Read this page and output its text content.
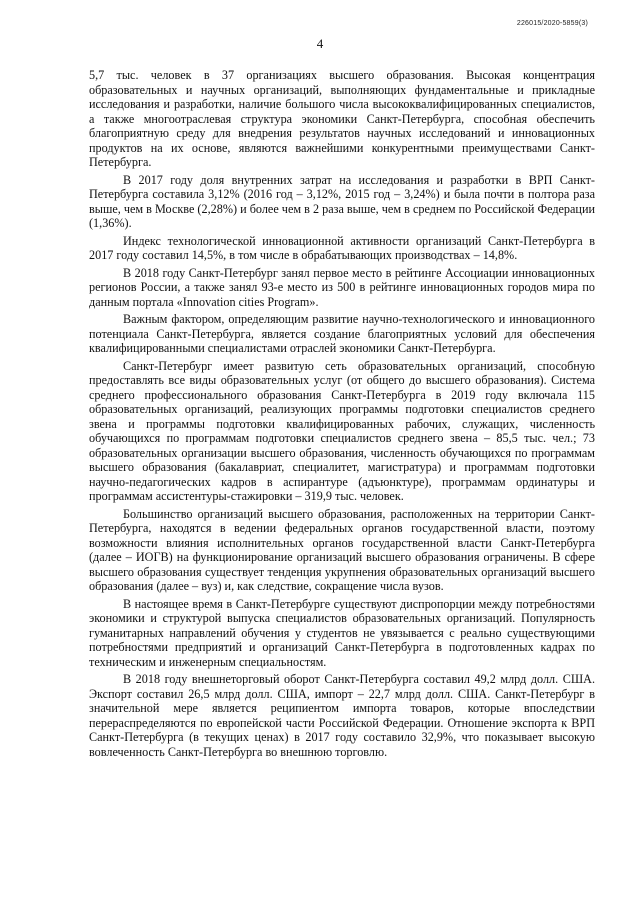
226015/2020-5859(3)
4

5,7 тыс. человек в 37 организациях высшего образования. Высокая концентрация образовательных и научных организаций, выполняющих фундаментальные и прикладные исследования и разработки, наличие большого числа высококвалифицированных специалистов, а также многоотраслевая структура экономики Санкт-Петербурга, способная обеспечить благоприятную среду для внедрения результатов научных исследований и инновационных продуктов на их основе, являются важнейшими конкурентными преимуществами Санкт-Петербурга.

В 2017 году доля внутренних затрат на исследования и разработки в ВРП Санкт-Петербурга составила 3,12% (2016 год – 3,12%, 2015 год – 3,24%) и была почти в полтора раза выше, чем в Москве (2,28%) и более чем в 2 раза выше, чем в среднем по Российской Федерации (1,36%).

Индекс технологической инновационной активности организаций Санкт-Петербурга в 2017 году составил 14,5%, в том числе в обрабатывающих производствах – 14,8%.

В 2018 году Санкт-Петербург занял первое место в рейтинге Ассоциации инновационных регионов России, а также занял 93-е место из 500 в рейтинге инновационных городов мира по данным портала «Innovation cities Program».

Важным фактором, определяющим развитие научно-технологического и инновационного потенциала Санкт-Петербурга, является создание благоприятных условий для обеспечения квалифицированными специалистами отраслей экономики Санкт-Петербурга.

Санкт-Петербург имеет развитую сеть образовательных организаций, способную предоставлять все виды образовательных услуг (от общего до высшего образования). Система среднего профессионального образования Санкт-Петербурга в 2019 году включала 115 образовательных организаций, реализующих программы подготовки специалистов среднего звена и программы подготовки квалифицированных рабочих, служащих, численность обучающихся по программам подготовки специалистов среднего звена – 85,5 тыс. чел.; 73 образовательных организации высшего образования, численность обучающихся по программам высшего образования (бакалавриат, специалитет, магистратура) и программам подготовки научно-педагогических кадров в аспирантуре (адъюнктуре), программам ординатуры и программам ассистентуры-стажировки – 319,9 тыс. человек.

Большинство организаций высшего образования, расположенных на территории Санкт-Петербурга, находятся в ведении федеральных органов государственной власти, поэтому возможности влияния исполнительных органов государственной власти Санкт-Петербурга (далее – ИОГВ) на функционирование организаций высшего образования ограничены. В сфере высшего образования существует тенденция укрупнения образовательных организаций высшего образования (далее – вуз) и, как следствие, сокращение числа вузов.

В настоящее время в Санкт-Петербурге существуют диспропорции между потребностями экономики и структурой выпуска специалистов образовательных организаций. Популярность гуманитарных направлений обучения у студентов не увязывается с реально существующими потребностями предприятий и организаций Санкт-Петербурга в подготовленных кадрах по техническим и инженерным специальностям.

В 2018 году внешнеторговый оборот Санкт-Петербурга составил 49,2 млрд долл. США. Экспорт составил 26,5 млрд долл. США, импорт – 22,7 млрд долл. США. Санкт-Петербург в значительной мере является реципиентом импорта товаров, которые впоследствии перераспределяются по европейской части Российской Федерации. Отношение экспорта к ВРП Санкт-Петербурга (в текущих ценах) в 2017 году составило 32,9%, что показывает высокую вовлеченность Санкт-Петербурга во внешнюю торговлю.
